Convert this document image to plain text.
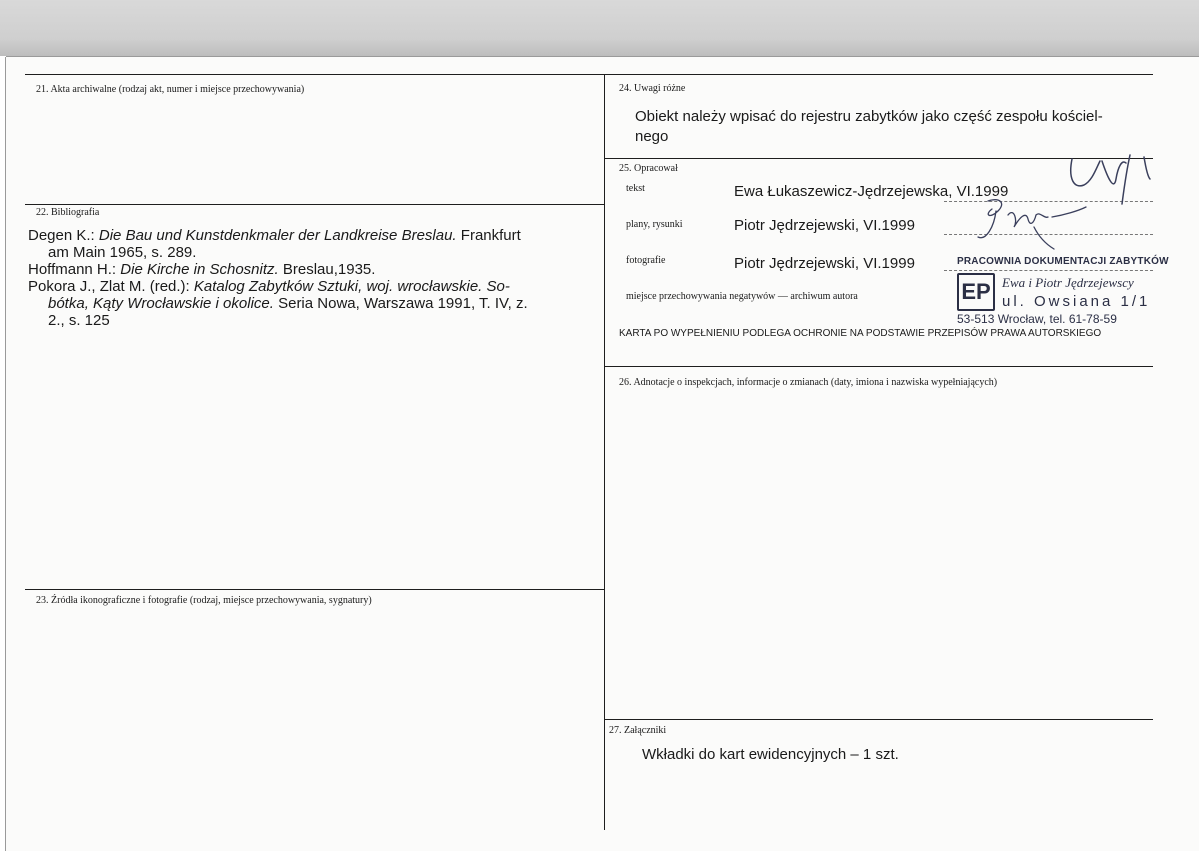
21. Akta archiwalne (rodzaj akt, numer i miejsce przechowywania)
22. Bibliografia

Degen K.: Die Bau und Kunstdenkmaler der Landkreise Breslau. Frankfurt

am Main 1965, s. 289.

Hoffmann H.: Die Kirche in Schosnitz. Breslau,1935.

Pokora J., Zlat M. (red.): Katalog Zabytków Sztuki, woj. wrocławskie. So-

bótka, Kąty Wrocławskie i okolice. Seria Nowa, Warszawa 1991, T. IV, z.

2., s. 125

23. Źródła ikonograficzne i fotografie (rodzaj, miejsce przechowywania, sygnatury)
24. Uwagi różne
Obiekt należy wpisać do rejestru zabytków jako część zespołu kościel-
nego
25. Opracował
tekst	Ewa Łukaszewicz-Jędrzejewska, VI.1999
plany, rysunki	Piotr Jędrzejewski, VI.1999
fotografie	Piotr Jędrzejewski, VI.1999
miejsce przechowywania negatywów — archiwum autora
PRACOWNIA DOKUMENTACJI ZABYTKÓW
EP Ewa i Piotr Jędrzejewscy
ul. Owsiana 1/1
53-513 Wrocław, tel. 61-78-59
KARTA PO WYPEŁNIENIU PODLEGA OCHRONIE NA PODSTAWIE PRZEPISÓW PRAWA AUTORSKIEGO
26. Adnotacje o inspekcjach, informacje o zmianach (daty, imiona i nazwiska wypełniających)
27. Załączniki
Wkładki do kart ewidencyjnych – 1 szt.
